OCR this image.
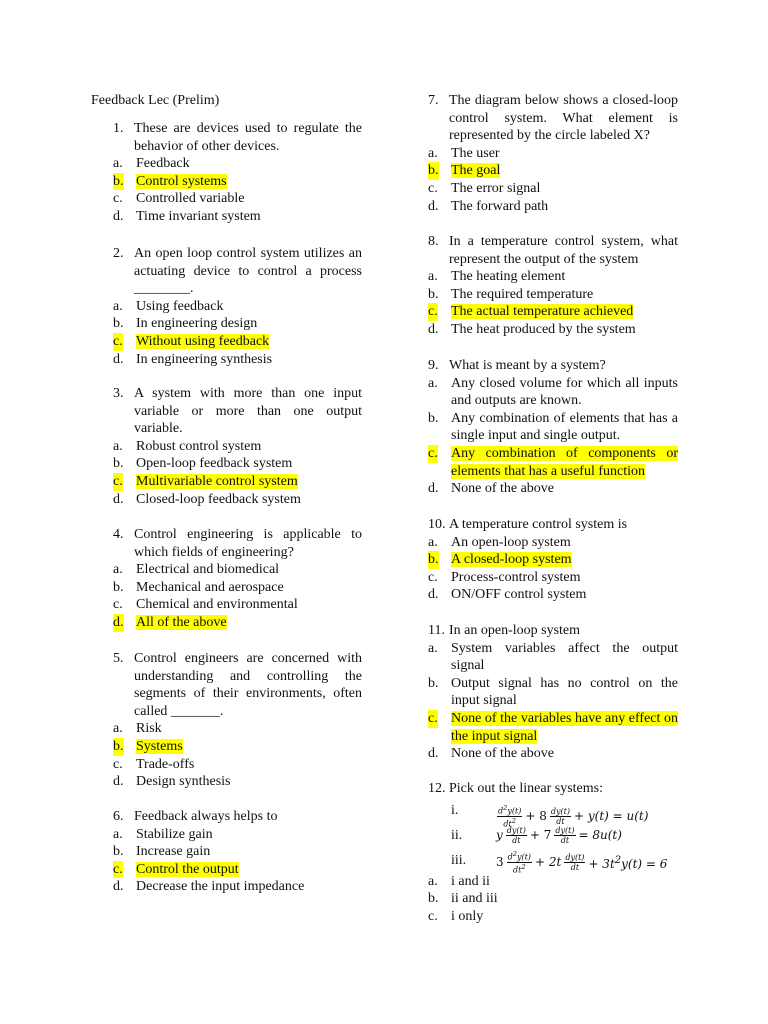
Feedback Lec (Prelim)
1. These are devices used to regulate the behavior of other devices.
a. Feedback
b. Control systems
c. Controlled variable
d. Time invariant system
2. An open loop control system utilizes an actuating device to control a process ________.
a. Using feedback
b. In engineering design
c. Without using feedback
d. In engineering synthesis
3. A system with more than one input variable or more than one output variable.
a. Robust control system
b. Open-loop feedback system
c. Multivariable control system
d. Closed-loop feedback system
4. Control engineering is applicable to which fields of engineering?
a. Electrical and biomedical
b. Mechanical and aerospace
c. Chemical and environmental
d. All of the above
5. Control engineers are concerned with understanding and controlling the segments of their environments, often called _______.
a. Risk
b. Systems
c. Trade-offs
d. Design synthesis
6. Feedback always helps to
a. Stabilize gain
b. Increase gain
c. Control the output
d. Decrease the input impedance
7. The diagram below shows a closed-loop control system. What element is represented by the circle labeled X?
a. The user
b. The goal
c. The error signal
d. The forward path
8. In a temperature control system, what represent the output of the system
a. The heating element
b. The required temperature
c. The actual temperature achieved
d. The heat produced by the system
9. What is meant by a system?
a. Any closed volume for which all inputs and outputs are known.
b. Any combination of elements that has a single input and single output.
c. Any combination of components or elements that has a useful function
d. None of the above
10. A temperature control system is
a. An open-loop system
b. A closed-loop system
c. Process-control system
d. ON/OFF control system
11. In an open-loop system
a. System variables affect the output signal
b. Output signal has no control on the input signal
c. None of the variables have any effect on the input signal
d. None of the above
12. Pick out the linear systems:
i.	$\frac{d^2y(t)}{dt^2} + 8 \frac{dy(t)}{dt} + y(t) = u(t)$
ii.	y $\frac{dy(t)}{dt} + 7 \frac{dy(t)}{dt} = 8u(t)$
iii. $3 \frac{d^2y(t)}{dt^2} + 2t \frac{dy(t)}{dt} + 3t^2y(t) = 6$
a. i and ii
b. ii and iii
c. i only
